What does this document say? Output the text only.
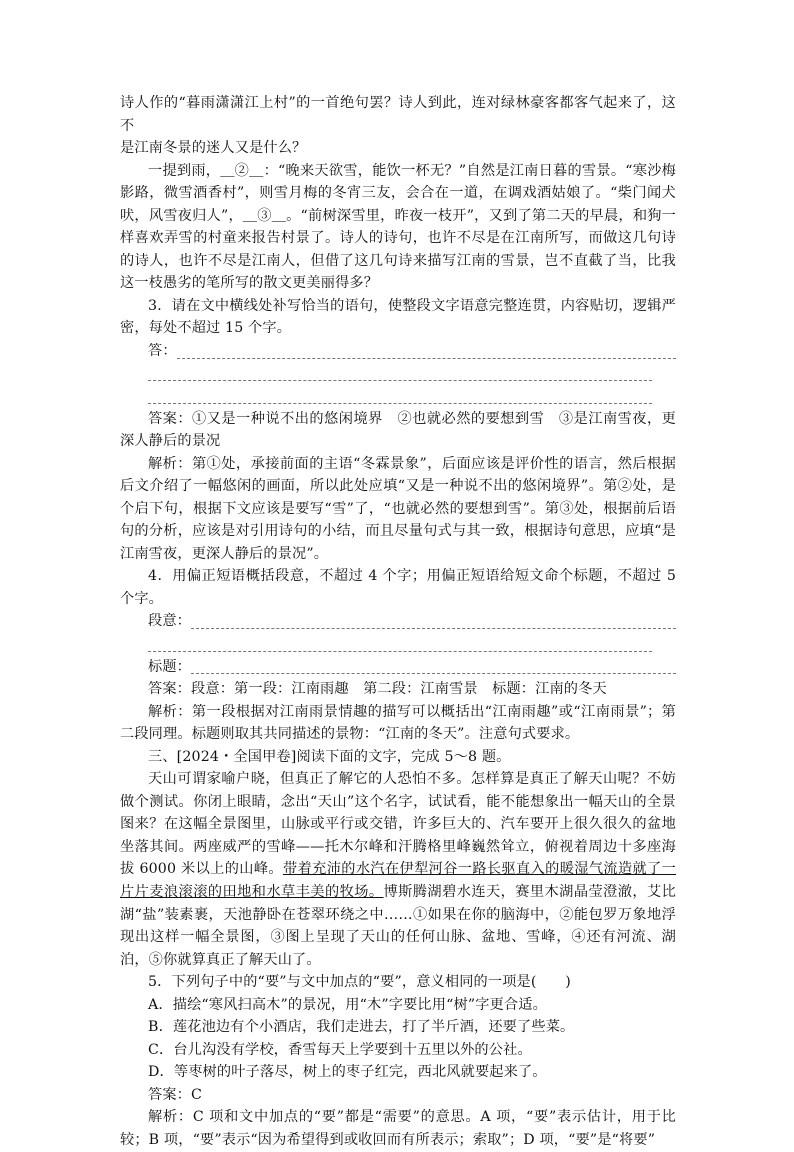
诗人作的“暮雨潇潇江上村”的一首绝句罢？诗人到此，连对绿林豪客都客气起来了，这不
是江南冬景的迷人又是什么？

一提到雨，＿②＿：“晚来天欲雪，能饮一杯无？”自然是江南日暮的雪景。“寒沙梅影路，微雪酒香村”，则雪月梅的冬宵三友，会合在一道，在调戏酒姑娘了。“柴门闻犬吠，风雪夜归人”，＿③＿。“前树深雪里，昨夜一枝开”，又到了第二天的早晨，和狗一样喜欢弄雪的村童来报告村景了。诗人的诗句，也许不尽是在江南所写，而做这几句诗的诗人，也许不尽是江南人，但借了这几句诗来描写江南的雪景，岂不直截了当，比我这一枝愚劣的笔所写的散文更美丽得多？

3．请在文中横线处补写恰当的语句，使整段文字语意完整连贯，内容贴切，逻辑严密，每处不超过 15 个字。

答：

答案：①又是一种说不出的悠闲境界　②也就必然的要想到雪　③是江南雪夜，更深人静后的景况

解析：第①处，承接前面的主语“冬霖景象”，后面应该是评价性的语言，然后根据后文介绍了一幅悠闲的画面，所以此处应填“又是一种说不出的悠闲境界”。第②处，是个启下句，根据下文应该是要写“雪”了，“也就必然的要想到雪”。第③处，根据前后语句的分析，应该是对引用诗句的小结，而且尽量句式与其一致，根据诗句意思，应填“是江南雪夜，更深人静后的景况”。

4．用偏正短语概括段意，不超过 4 个字；用偏正短语给短文命个标题，不超过 5 个字。

段意：
标题：

答案：段意：第一段：江南雨趣　第二段：江南雪景　标题：江南的冬天

解析：第一段根据对江南雨景情趣的描写可以概括出“江南雨趣”或“江南雨景”；第二段同理。标题则取其共同描述的景物：“江南的冬天”。注意句式要求。

三、[2024・全国甲卷]阅读下面的文字，完成 5～8 题。

天山可谓家喻户晓，但真正了解它的人恐怕不多。怎样算是真正了解天山呢？不妨做个测试。你闭上眼睛，念出“天山”这个名字，试试看，能不能想象出一幅天山的全景图来？在这幅全景图里，山脉或平行或交错，许多巨大的、汽车要开上很久很久的盆地坐落其间。两座威严的雪峰——托木尔峰和汗腾格里峰巍然耸立，俯视着周边十多座海拔 6000 米以上的山峰。带着充沛的水汽在伊犁河谷一路长驱直入的暖湿气流造就了一片片麦浪滚滚的田地和水草丰美的牧场。博斯腾湖碧水连天，赛里木湖晶莹澄澈，艾比湖“盐”装素裹，天池静卧在苍翠环绕之中……①如果在你的脑海中，②能包罗万象地浮现出这样一幅全景图，③图上呈现了天山的任何山脉、盆地、雪峰，④还有河流、湖泊，⑤你就算真正了解天山了。

5．下列句子中的“要”与文中加点的“要”，意义相同的一项是(　　)

A．描绘“寒风扫高木”的景况，用“木”字要比用“树”字更合适。

B．莲花池边有个小酒店，我们走进去，打了半斤酒，还要了些菜。

C．台儿沟没有学校，香雪每天上学要到十五里以外的公社。

D．等枣树的叶子落尽，树上的枣子红完，西北风就要起来了。

答案：C

解析：C 项和文中加点的“要”都是“需要”的意思。A 项，“要”表示估计，用于比较；B 项，“要”表示“因为希望得到或收回而有所表示；索取”；D 项，“要”是“将要”
